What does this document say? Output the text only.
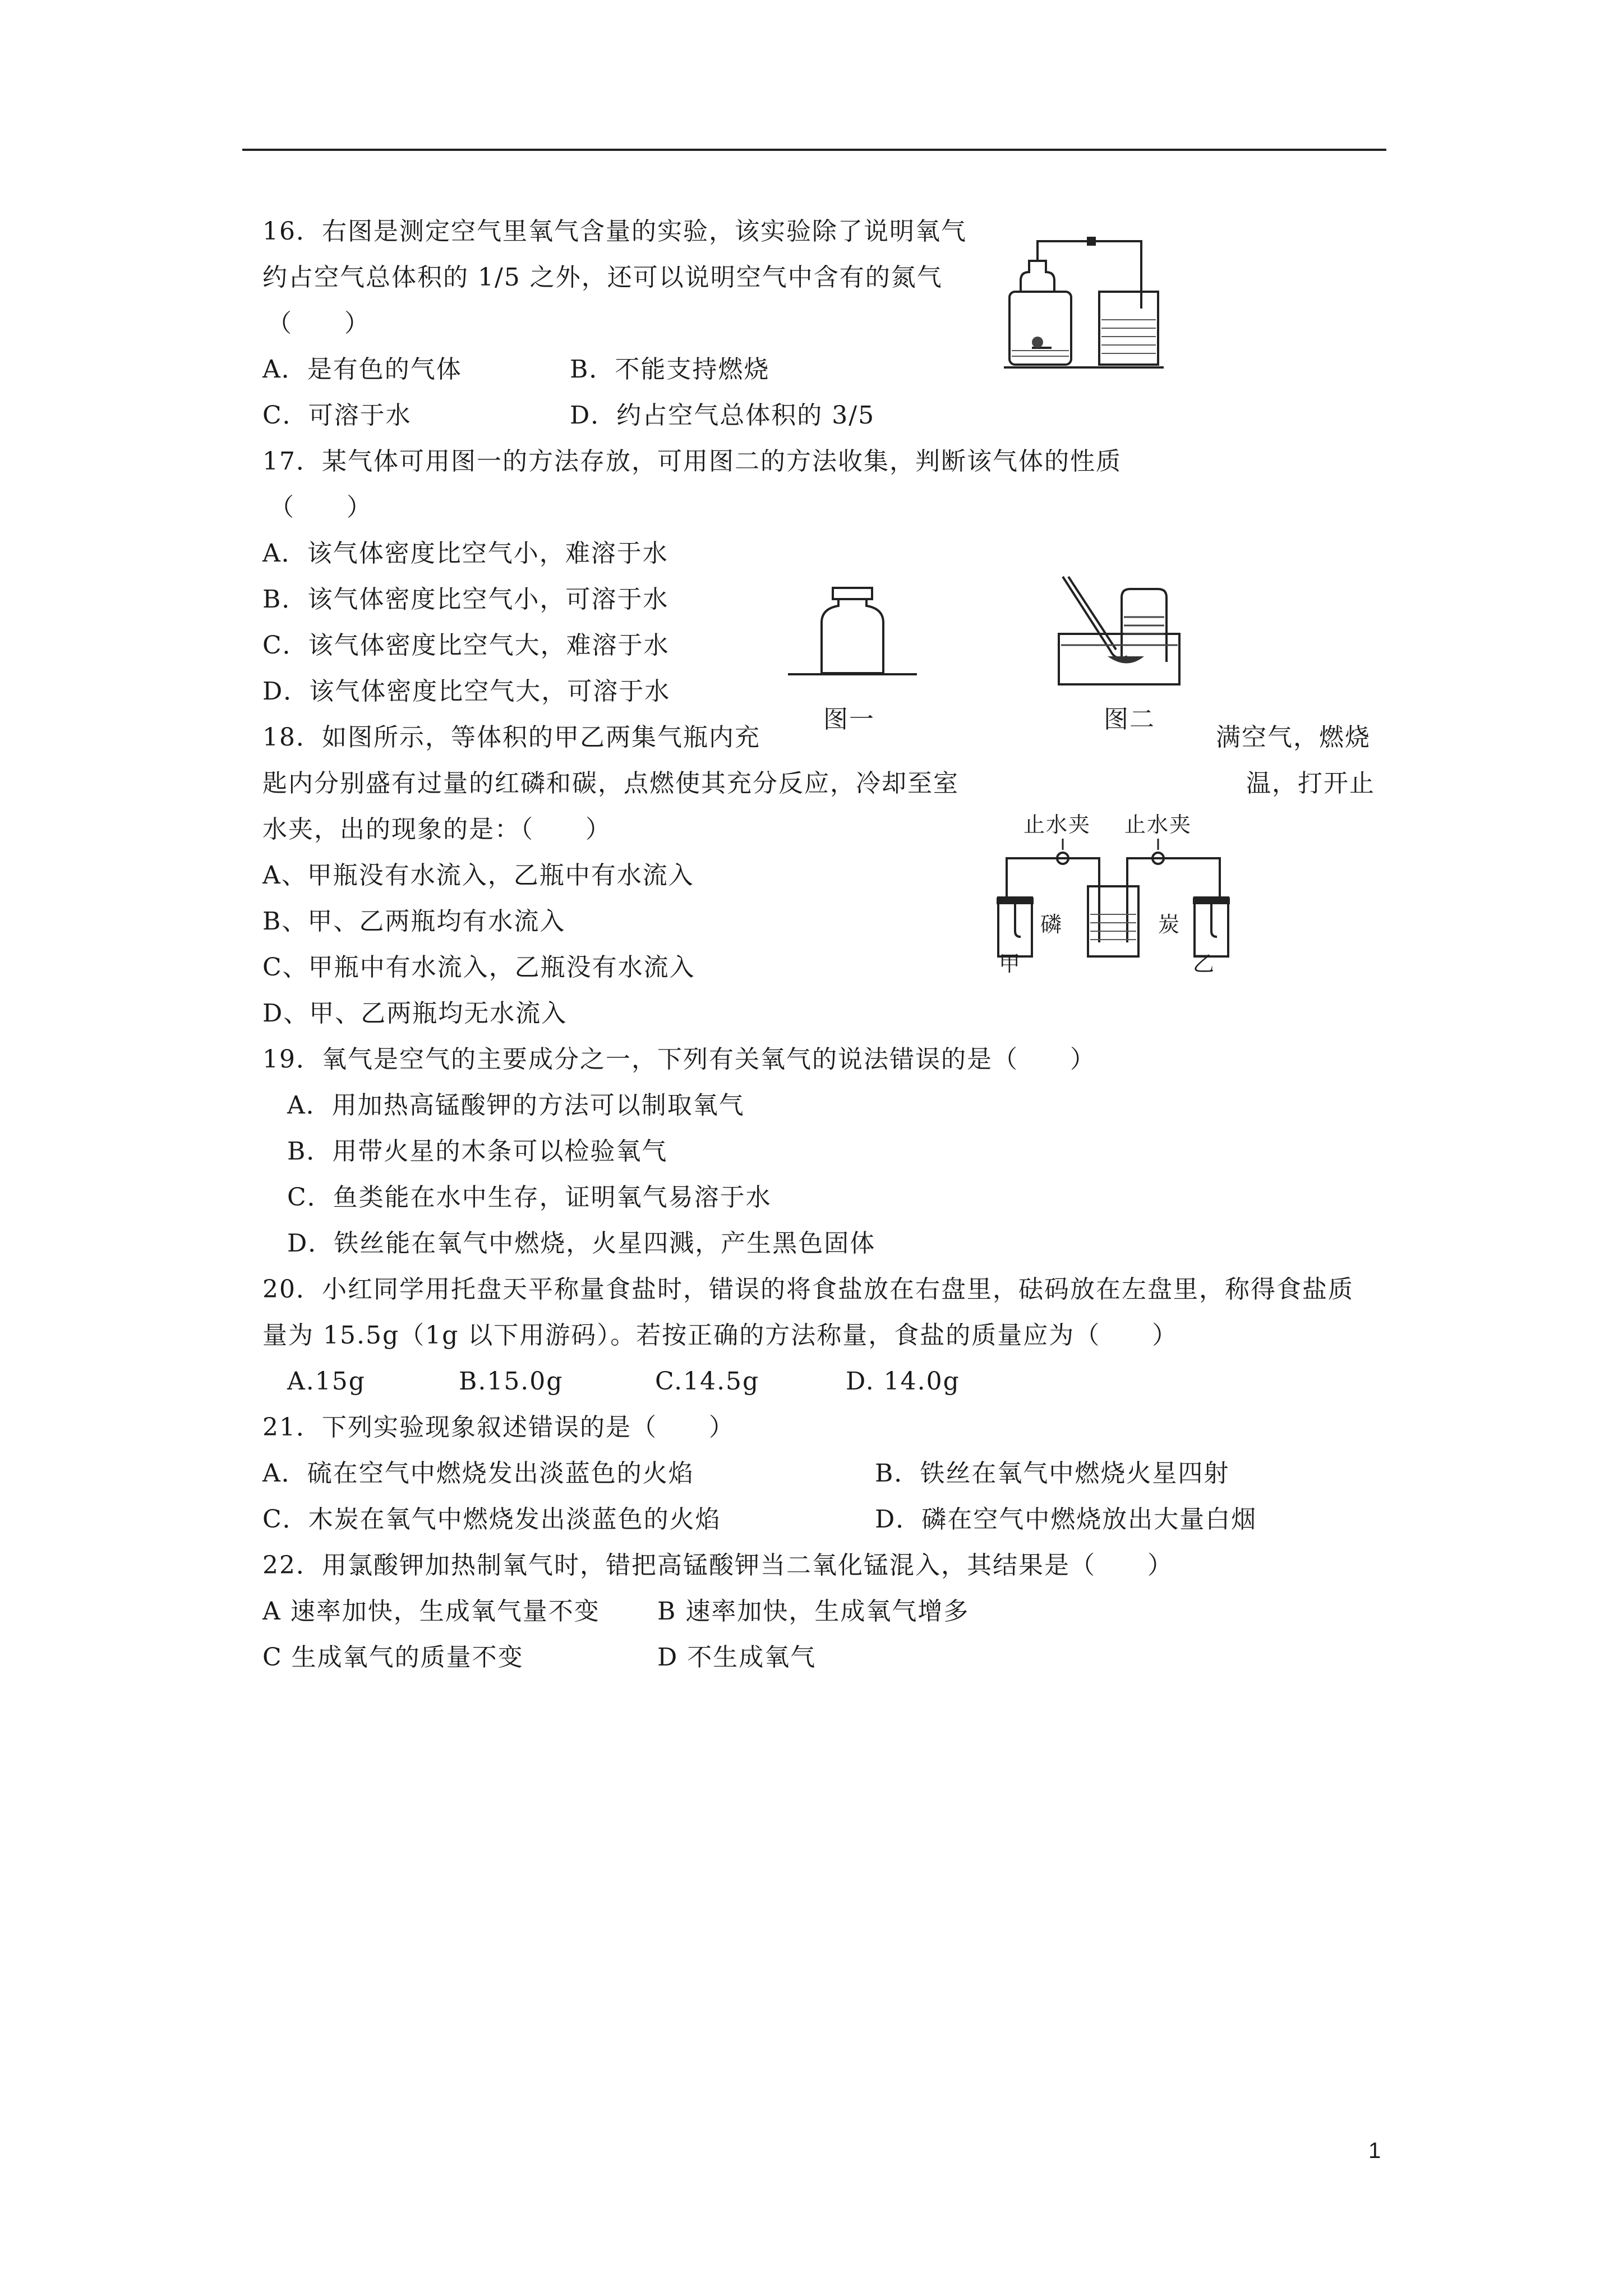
16．右图是测定空气里氧气含量的实验，该实验除了说明氧气
约占空气总体积的 1/5 之外，还可以说明空气中含有的氮气
（　　）
A．是有色的气体	B．不能支持燃烧
C．可溶于水	D．约占空气总体积的 3/5
17．某气体可用图一的方法存放，可用图二的方法收集，判断该气体的性质
（　　）
A．该气体密度比空气小，难溶于水
B．该气体密度比空气小，可溶于水
C．该气体密度比空气大，难溶于水
D．该气体密度比空气大，可溶于水
图一	图二
18．如图所示，等体积的甲乙两集气瓶内充	满空气，燃烧
匙内分别盛有过量的红磷和碳，点燃使其充分反应，冷却至室	温，打开止
水夹，出的现象的是：（　　）
A、甲瓶没有水流入，乙瓶中有水流入
B、甲、乙两瓶均有水流入
C、甲瓶中有水流入，乙瓶没有水流入
D、甲、乙两瓶均无水流入
止水夹 止水夹
磷	炭
甲	乙
19．氧气是空气的主要成分之一，下列有关氧气的说法错误的是（　　）
A．用加热高锰酸钾的方法可以制取氧气
B．用带火星的木条可以检验氧气
C．鱼类能在水中生存，证明氧气易溶于水
D．铁丝能在氧气中燃烧，火星四溅，产生黑色固体
20．小红同学用托盘天平称量食盐时，错误的将食盐放在右盘里，砝码放在左盘里，称得食盐质
量为 15.5g（1g 以下用游码）。若按正确的方法称量，食盐的质量应为（　　）
A.15g	B.15.0g	C.14.5g	D. 14.0g
21．下列实验现象叙述错误的是（　　）
A．硫在空气中燃烧发出淡蓝色的火焰	B．铁丝在氧气中燃烧火星四射
C．木炭在氧气中燃烧发出淡蓝色的火焰	D．磷在空气中燃烧放出大量白烟
22．用氯酸钾加热制氧气时，错把高锰酸钾当二氧化锰混入，其结果是（　　）
A 速率加快，生成氧气量不变 B 速率加快，生成氧气增多
C 生成氧气的质量不变	D 不生成氧气
1
